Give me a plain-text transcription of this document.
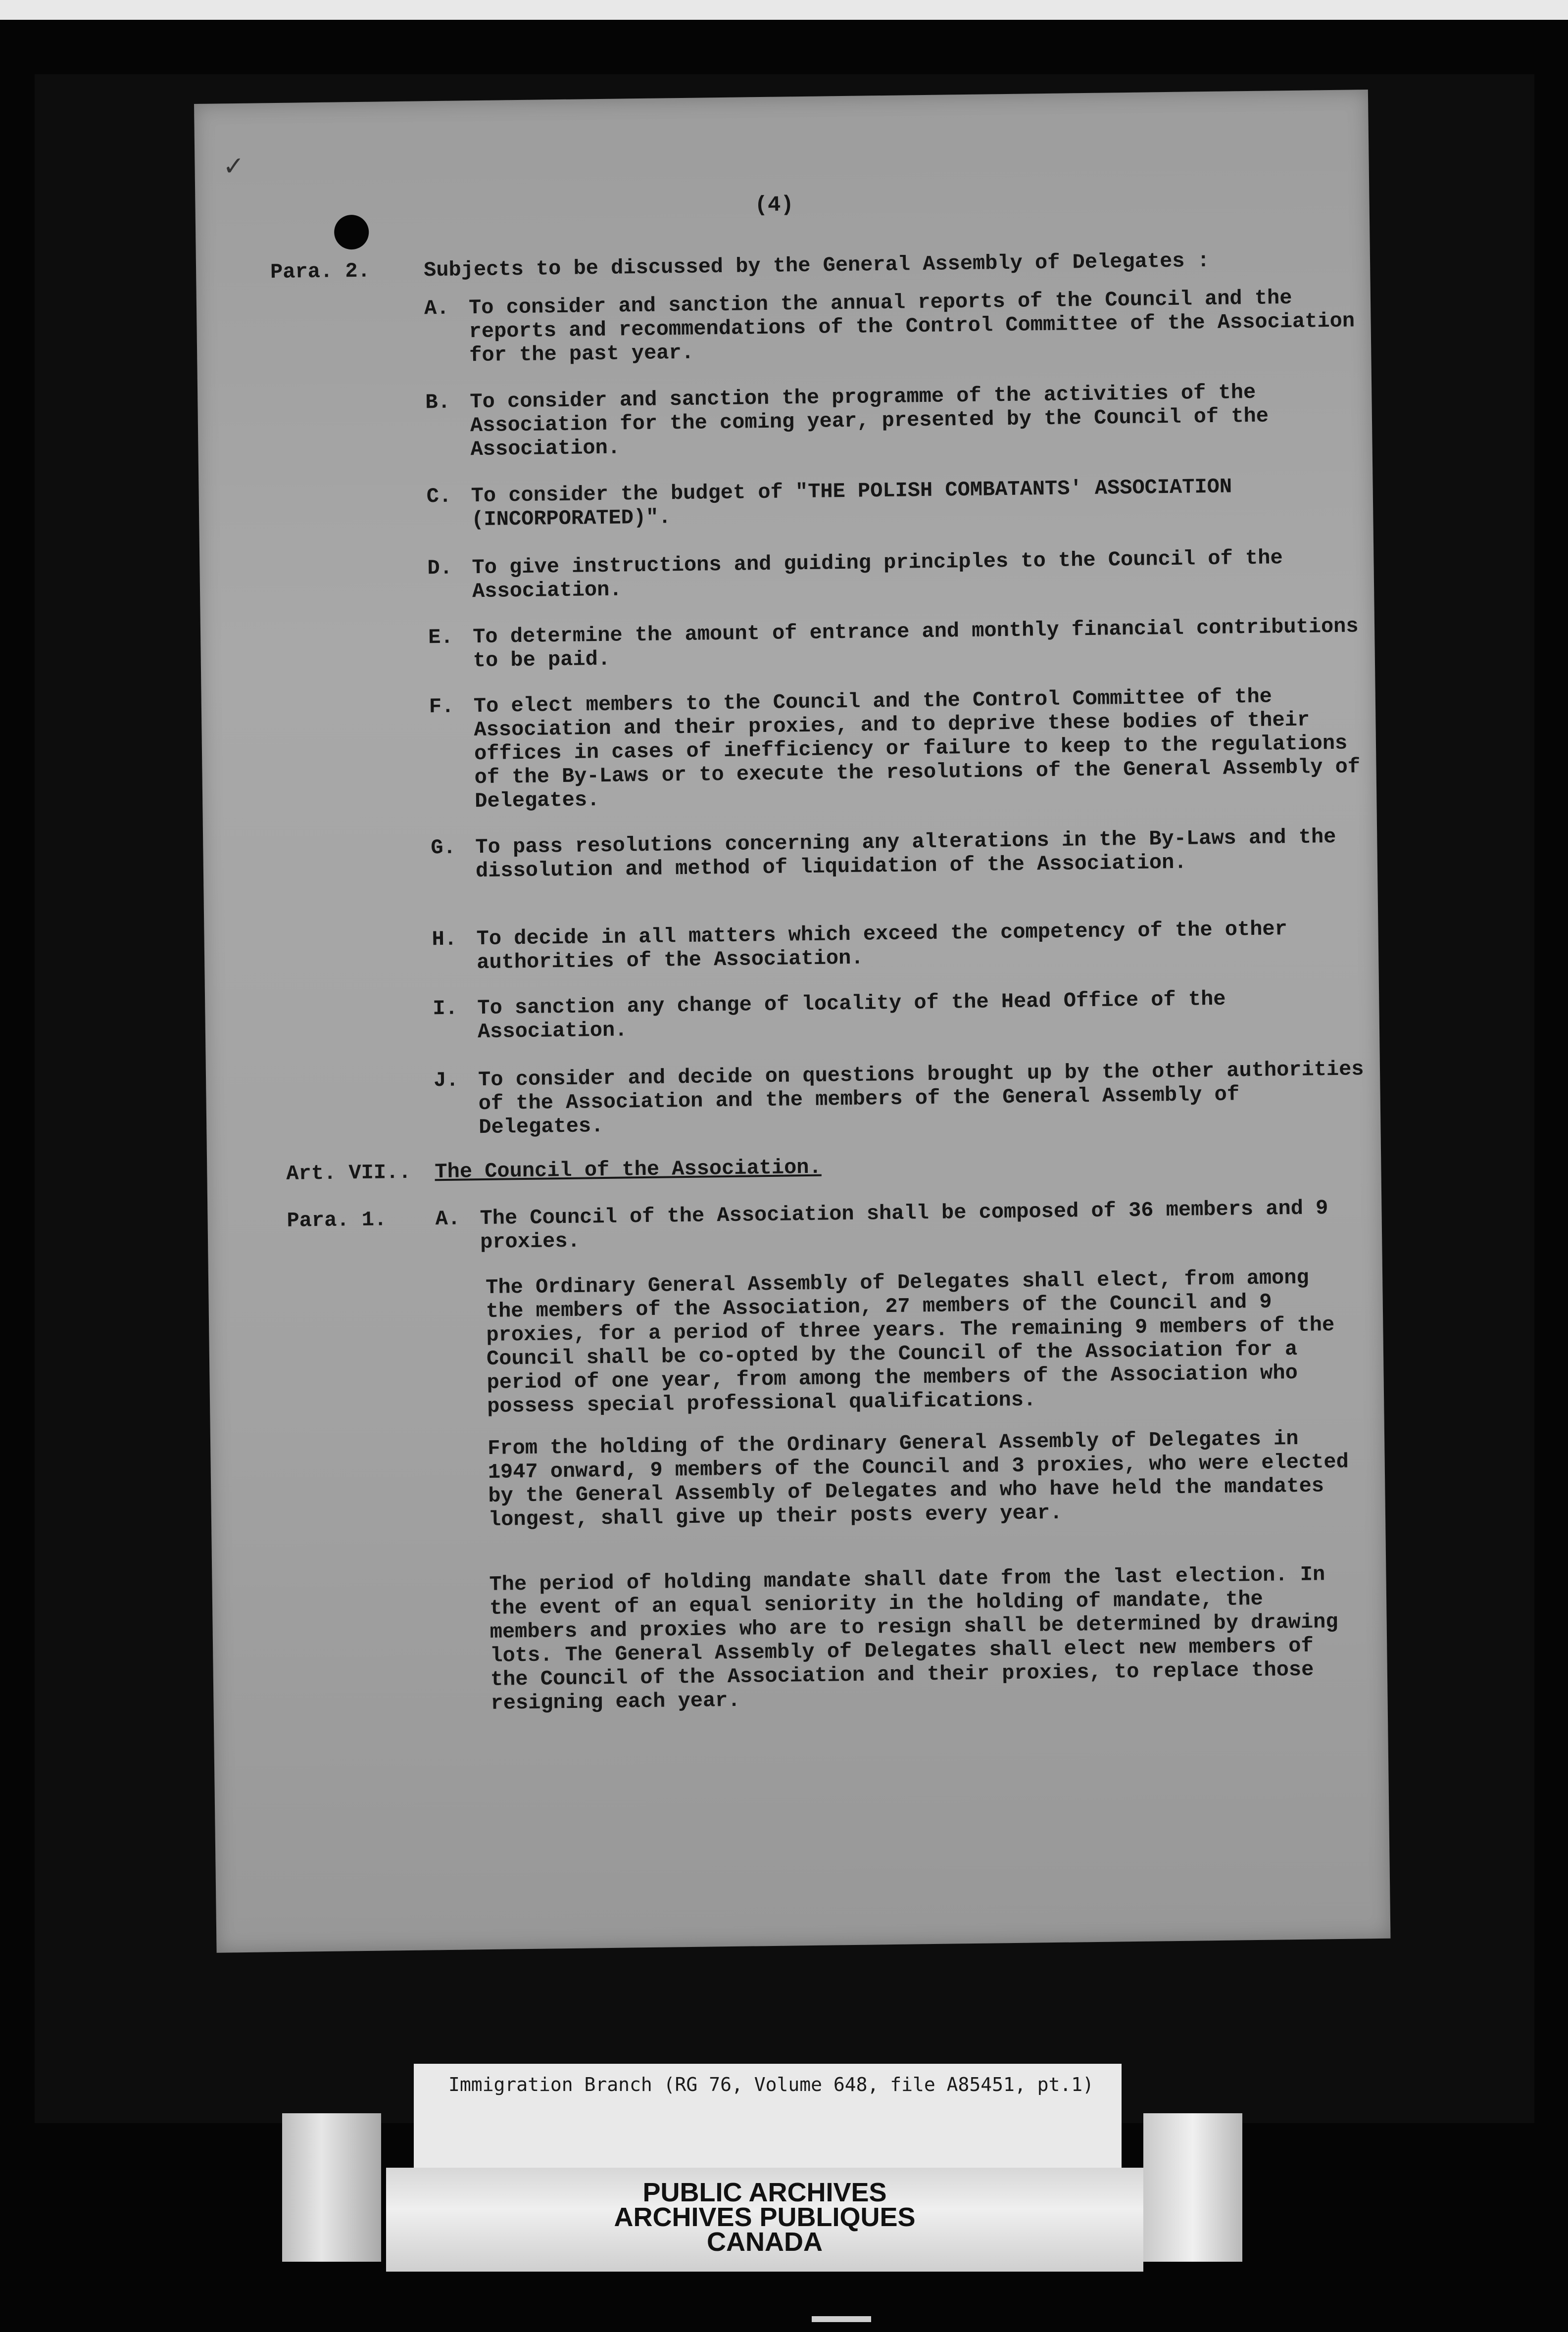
✓
(4)
Para. 2.	Subjects to be discussed by the General Assembly of Delegates :
A. To consider and sanction the annual reports of the Council and the reports and recommendations of the Control Committee of the Association for the past year.
B. To consider and sanction the programme of the activities of the Association for the coming year, presented by the Council of the Association.
C. To consider the budget of "THE POLISH COMBATANTS' ASSOCIATION (INCORPORATED)".
D. To give instructions and guiding principles to the Council of the Association.
E. To determine the amount of entrance and monthly financial contributions to be paid.
F. To elect members to the Council and the Control Committee of the Association and their proxies, and to deprive these bodies of their offices in cases of inefficiency or failure to keep to the regulations of the By-Laws or to execute the resolutions of the General Assembly of Delegates.
G. To pass resolutions concerning any alterations in the By-Laws and the dissolution and method of liquidation of the Association.
H. To decide in all matters which exceed the competency of the other authorities of the Association.
I. To sanction any change of locality of the Head Office of the Association.
J. To consider and decide on questions brought up by the other authorities of the Association and the members of the General Assembly of Delegates.
Art. VII.. The Council of the Association.
Para. 1. A. The Council of the Association shall be composed of 36 members and 9 proxies.
The Ordinary General Assembly of Delegates shall elect, from among the members of the Association, 27 members of the Council and 9 proxies, for a period of three years. The remaining 9 members of the Council shall be co-opted by the Council of the Association for a period of one year, from among the members of the Association who possess special professional qualifications.
From the holding of the Ordinary General Assembly of Delegates in 1947 onward, 9 members of the Council and 3 proxies, who were elected by the General Assembly of Delegates and who have held the mandates longest, shall give up their posts every year.
The period of holding mandate shall date from the last election. In the event of an equal seniority in the holding of mandate, the members and proxies who are to resign shall be determined by drawing lots. The General Assembly of Delegates shall elect new members of the Council of the Association and their proxies, to replace those resigning each year.
Immigration Branch (RG 76, Volume 648, file A85451, pt.1)
PUBLIC ARCHIVES
ARCHIVES PUBLIQUES
CANADA
